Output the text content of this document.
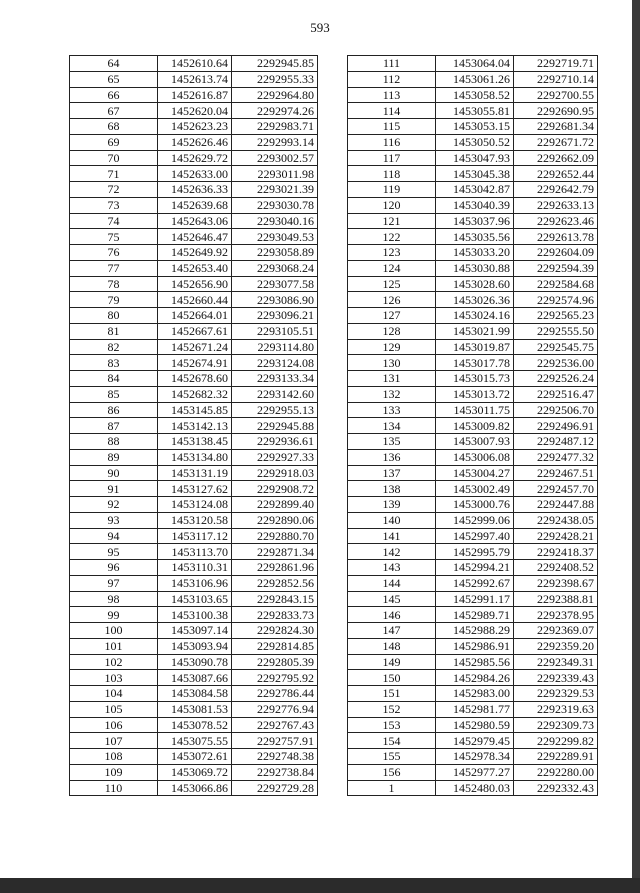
593
64	1452610.64	2292945.85
65	1452613.74	2292955.33
66	1452616.87	2292964.80
67	1452620.04	2292974.26
68	1452623.23	2292983.71
69	1452626.46	2292993.14
70	1452629.72	2293002.57
71	1452633.00	2293011.98
72	1452636.33	2293021.39
73	1452639.68	2293030.78
74	1452643.06	2293040.16
75	1452646.47	2293049.53
76	1452649.92	2293058.89
77	1452653.40	2293068.24
78	1452656.90	2293077.58
79	1452660.44	2293086.90
80	1452664.01	2293096.21
81	1452667.61	2293105.51
82	1452671.24	2293114.80
83	1452674.91	2293124.08
84	1452678.60	2293133.34
85	1452682.32	2293142.60
86	1453145.85	2292955.13
87	1453142.13	2292945.88
88	1453138.45	2292936.61
89	1453134.80	2292927.33
90	1453131.19	2292918.03
91	1453127.62	2292908.72
92	1453124.08	2292899.40
93	1453120.58	2292890.06
94	1453117.12	2292880.70
95	1453113.70	2292871.34
96	1453110.31	2292861.96
97	1453106.96	2292852.56
98	1453103.65	2292843.15
99	1453100.38	2292833.73
100	1453097.14	2292824.30
101	1453093.94	2292814.85
102	1453090.78	2292805.39
103	1453087.66	2292795.92
104	1453084.58	2292786.44
105	1453081.53	2292776.94
106	1453078.52	2292767.43
107	1453075.55	2292757.91
108	1453072.61	2292748.38
109	1453069.72	2292738.84
110	1453066.86	2292729.28
111	1453064.04	2292719.71
112	1453061.26	2292710.14
113	1453058.52	2292700.55
114	1453055.81	2292690.95
115	1453053.15	2292681.34
116	1453050.52	2292671.72
117	1453047.93	2292662.09
118	1453045.38	2292652.44
119	1453042.87	2292642.79
120	1453040.39	2292633.13
121	1453037.96	2292623.46
122	1453035.56	2292613.78
123	1453033.20	2292604.09
124	1453030.88	2292594.39
125	1453028.60	2292584.68
126	1453026.36	2292574.96
127	1453024.16	2292565.23
128	1453021.99	2292555.50
129	1453019.87	2292545.75
130	1453017.78	2292536.00
131	1453015.73	2292526.24
132	1453013.72	2292516.47
133	1453011.75	2292506.70
134	1453009.82	2292496.91
135	1453007.93	2292487.12
136	1453006.08	2292477.32
137	1453004.27	2292467.51
138	1453002.49	2292457.70
139	1453000.76	2292447.88
140	1452999.06	2292438.05
141	1452997.40	2292428.21
142	1452995.79	2292418.37
143	1452994.21	2292408.52
144	1452992.67	2292398.67
145	1452991.17	2292388.81
146	1452989.71	2292378.95
147	1452988.29	2292369.07
148	1452986.91	2292359.20
149	1452985.56	2292349.31
150	1452984.26	2292339.43
151	1452983.00	2292329.53
152	1452981.77	2292319.63
153	1452980.59	2292309.73
154	1452979.45	2292299.82
155	1452978.34	2292289.91
156	1452977.27	2292280.00
1	1452480.03	2292332.43
